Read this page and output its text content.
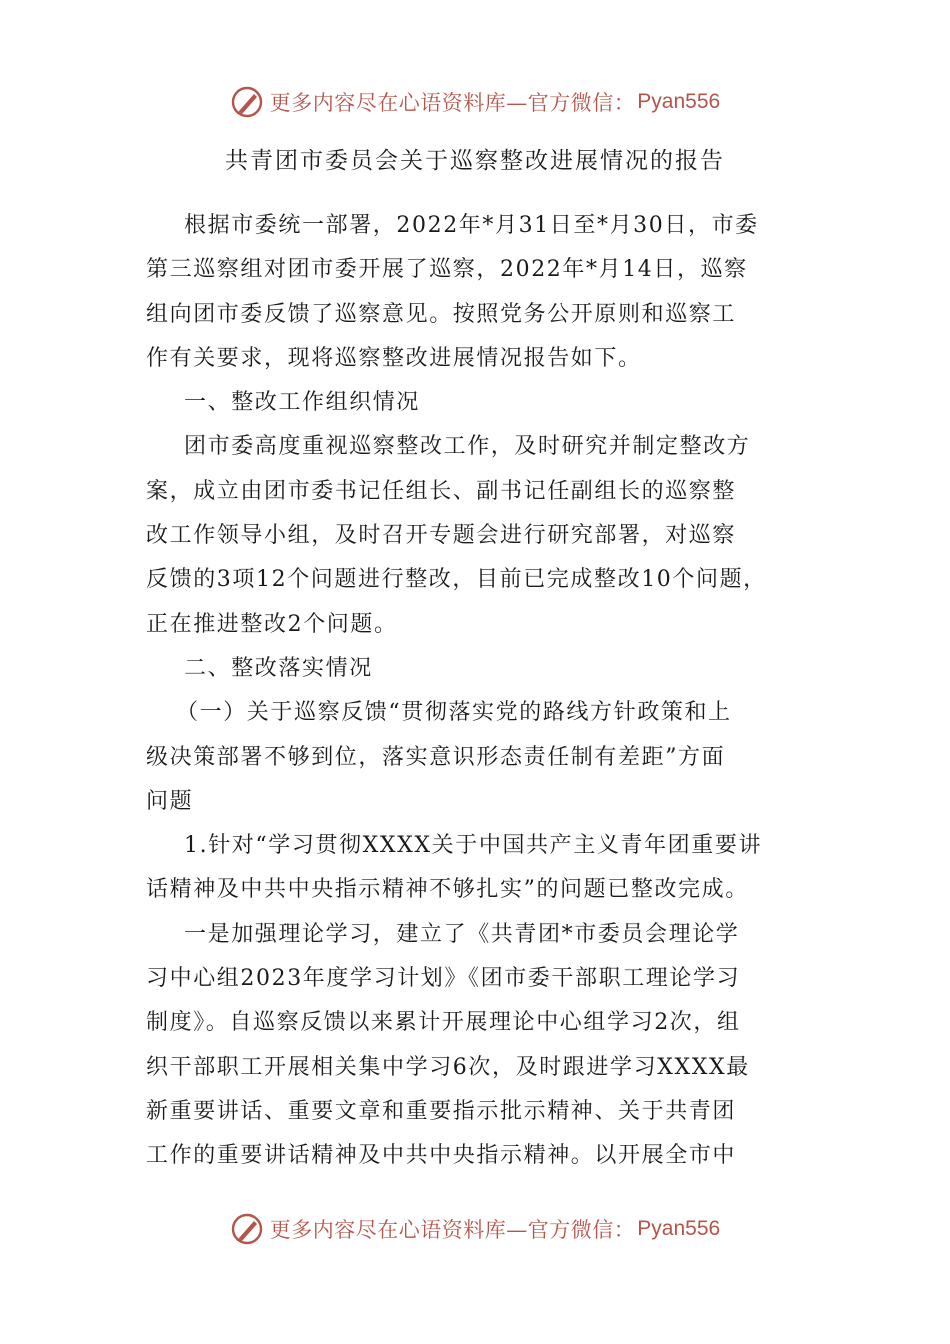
更多内容尽在心语资料库—官方微信： Pyan556
共青团市委员会关于巡察整改进展情况的报告
根据市委统一部署，2022年*月31日至*月30日，市委
第三巡察组对团市委开展了巡察，2022年*月14日，巡察
组向团市委反馈了巡察意见。按照党务公开原则和巡察工
作有关要求，现将巡察整改进展情况报告如下。
一、整改工作组织情况
团市委高度重视巡察整改工作，及时研究并制定整改方
案，成立由团市委书记任组长、副书记任副组长的巡察整
改工作领导小组，及时召开专题会进行研究部署，对巡察
反馈的3项12个问题进行整改，目前已完成整改10个问题，
正在推进整改2个问题。
二、整改落实情况
（一）关于巡察反馈“贯彻落实党的路线方针政策和上
级决策部署不够到位，落实意识形态责任制有差距”方面
问题
1.针对“学习贯彻XXXX关于中国共产主义青年团重要讲
话精神及中共中央指示精神不够扎实”的问题已整改完成。
一是加强理论学习，建立了《共青团*市委员会理论学
习中心组2023年度学习计划》《团市委干部职工理论学习
制度》。自巡察反馈以来累计开展理论中心组学习2次，组
织干部职工开展相关集中学习6次，及时跟进学习XXXX最
新重要讲话、重要文章和重要指示批示精神、关于共青团
工作的重要讲话精神及中共中央指示精神。以开展全市中
更多内容尽在心语资料库—官方微信： Pyan556
